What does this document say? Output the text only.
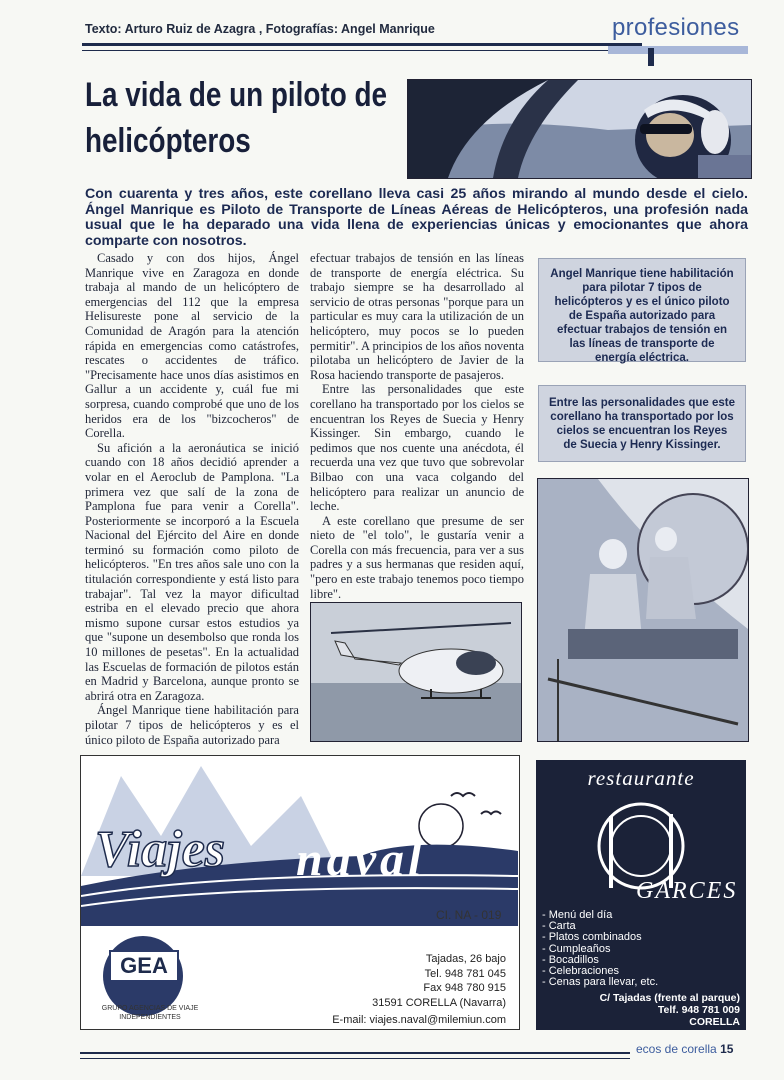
Texto: Arturo Ruiz de Azagra , Fotografías: Angel Manrique	profesiones
La vida de un piloto de helicópteros
Con cuarenta y tres años, este corellano lleva casi 25 años mirando al mundo desde el cielo. Ángel Manrique es Piloto de Transporte de Líneas Aéreas de Helicópteros, una profesión nada usual que le ha deparado una vida llena de experiencias únicas y emocionantes que ahora comparte con nosotros.

Casado y con dos hijos, Ángel Manrique vive en Zaragoza en donde trabaja al mando de un helicóptero de emergencias del 112 que la empresa Helisureste pone al servicio de la Comunidad de Aragón para la atención rápida en emergencias como catástrofes, rescates o accidentes de tráfico. "Precisamente hace unos días asistimos en Gallur a un accidente y, cuál fue mi sorpresa, cuando comprobé que uno de los heridos era de los "bizcocheros" de Corella.

Su afición a la aeronáutica se inició cuando con 18 años decidió aprender a volar en el Aeroclub de Pamplona. "La primera vez que salí de la zona de Pamplona fue para venir a Corella". Posteriormente se incorporó a la Escuela Nacional del Ejército del Aire en donde terminó su formación como piloto de helicópteros. "En tres años sale uno con la titulación correspondiente y está listo para trabajar". Tal vez la mayor dificultad estriba en el elevado precio que ahora mismo supone cursar estos estudios ya que "supone un desembolso que ronda los 10 millones de pesetas". En la actualidad las Escuelas de formación de pilotos están en Madrid y Barcelona, aunque pronto se abrirá otra en Zaragoza.

Ángel Manrique tiene habilitación para pilotar 7 tipos de helicópteros y es el único piloto de España autorizado para

efectuar trabajos de tensión en las líneas de transporte de energía eléctrica. Su trabajo siempre se ha desarrollado al servicio de otras personas "porque para un particular es muy cara la utilización de un helicóptero, muy pocos se lo pueden permitir". A principios de los años noventa pilotaba un helicóptero de Javier de la Rosa haciendo transporte de pasajeros.

Entre las personalidades que este corellano ha transportado por los cielos se encuentran los Reyes de Suecia y Henry Kissinger. Sin embargo, cuando le pedimos que nos cuente una anécdota, él recuerda una vez que tuvo que sobrevolar Bilbao con una vaca colgando del helicóptero para realizar un anuncio de leche.

A este corellano que presume de ser nieto de "el tolo", le gustaría venir a Corella con más frecuencia, para ver a sus padres y a sus hermanas que residen aquí, "pero en este trabajo tenemos poco tiempo libre".

Angel Manrique tiene habilitación para pilotar 7 tipos de helicópteros y es el único piloto de España autorizado para efectuar trabajos de tensión en las líneas de transporte de energía eléctrica.
Entre las personalidades que este corellano ha transportado por los cielos se encuentran los Reyes de Suecia y Henry Kissinger.
Viajes naval
CI. NA - 019
GEA
GRUPO AGENCIAS DE VIAJE INDEPENDIENTES
Tajadas, 26 bajo
Tel. 948 781 045
Fax 948 780 915
31591 CORELLA (Navarra)
E-mail: viajes.naval@milemiun.com
restaurante
GARCES
- Menú del día
- Carta
- Platos combinados
- Cumpleaños
- Bocadillos
- Celebraciones
- Cenas para llevar, etc.
C/ Tajadas (frente al parque)
Telf. 948 781 009
CORELLA
ecos de corella 15
